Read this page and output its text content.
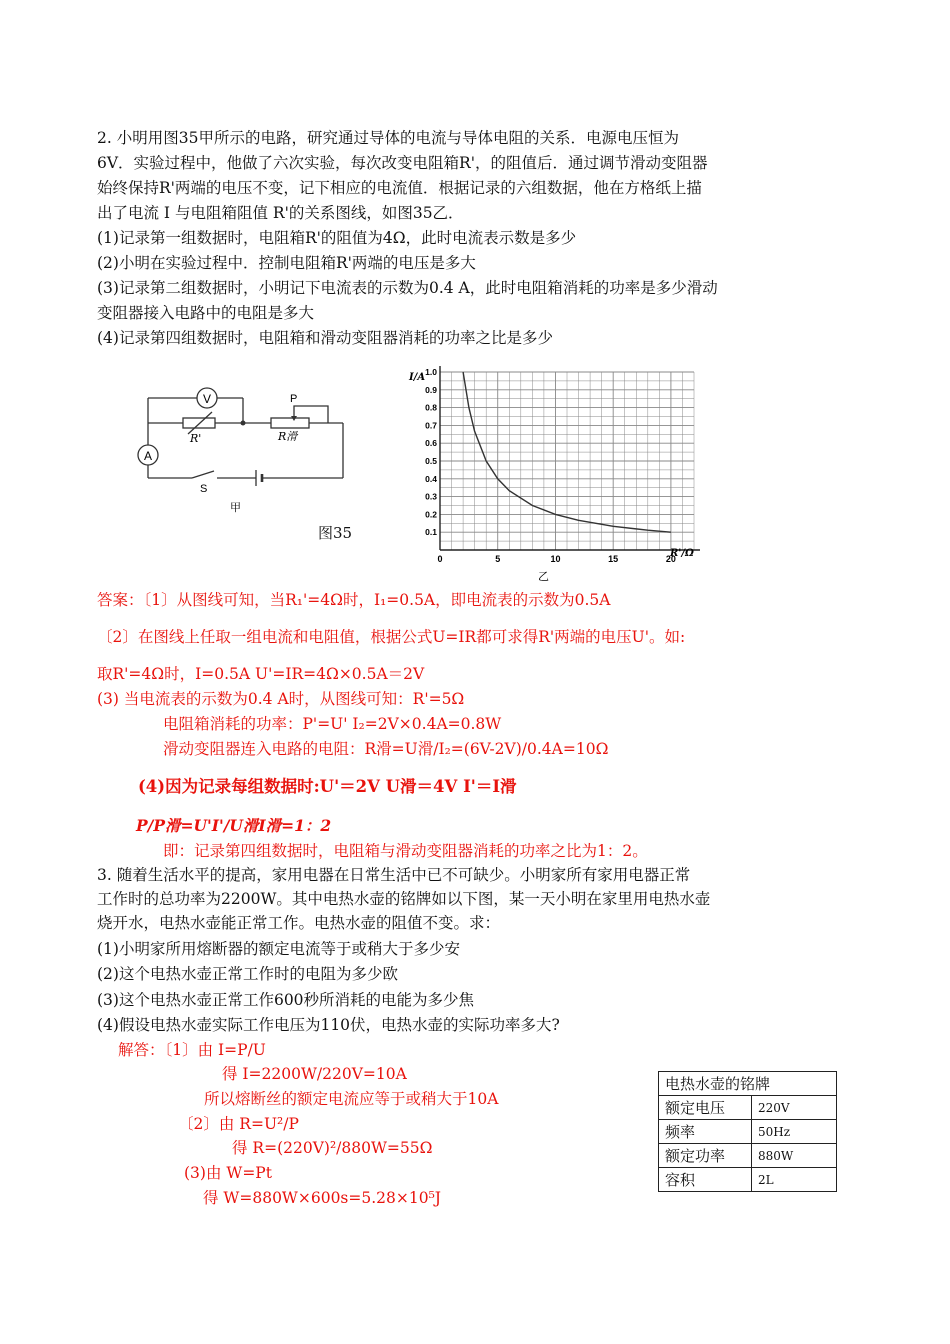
2. 小明用图35甲所示的电路，研究通过导体的电流与导体电阻的关系．电源电压恒为
6V．实验过程中，他做了六次实验，每次改变电阻箱R'，的阻值后．通过调节滑动变阻器
始终保持R'两端的电压不变，记下相应的电流值．根据记录的六组数据，他在方格纸上描
出了电流 I 与电阻箱阻值 R'的关系图线，如图35乙．
(1)记录第一组数据时，电阻箱R'的阻值为4Ω，此时电流表示数是多少
(2)小明在实验过程中．控制电阻箱R'两端的电压是多大
(3)记录第二组数据时，小明记下电流表的示数为0.4 A，此时电阻箱消耗的功率是多少滑动
变阻器接入电路中的电阻是多大
(4)记录第四组数据时，电阻箱和滑动变阻器消耗的功率之比是多少
V
A
P
R'	R滑
S
甲
图35
0	5	10	15	20
0.1
0.2
0.3
0.4
0.5
0.6
0.7
0.8
0.9
1.0
I/A
R'/Ω
乙
答案：〔1〕从图线可知，当R₁'=4Ω时，I₁=0.5A，即电流表的示数为0.5A
〔2〕在图线上任取一组电流和电阻值，根据公式U=IR都可求得R'两端的电压U'。如:
取R'=4Ω时，I=0.5A U'=IR=4Ω×0.5A＝2V
(3) 当电流表的示数为0.4 A时，从图线可知：R'=5Ω
电阻箱消耗的功率：P'=U' I₂=2V×0.4A=0.8W
滑动变阻器连入电路的电阻：R滑=U滑/I₂=(6V-2V)/0.4A=10Ω
(4)因为记录每组数据时:U'＝2V U滑＝4V I'＝I滑
P/P滑=U'I'/U滑I滑=1：2
即：记录第四组数据时，电阻箱与滑动变阻器消耗的功率之比为1：2。
3. 随着生活水平的提高，家用电器在日常生活中已不可缺少。小明家所有家用电器正常
工作时的总功率为2200W。其中电热水壶的铭牌如以下图，某一天小明在家里用电热水壶
烧开水，电热水壶能正常工作。电热水壶的阻值不变。求：
(1)小明家所用熔断器的额定电流等于或稍大于多少安
(2)这个电热水壶正常工作时的电阻为多少欧
(3)这个电热水壶正常工作600秒所消耗的电能为多少焦
(4)假设电热水壶实际工作电压为110伏，电热水壶的实际功率多大?
解答：〔1〕由 I=P/U
得 I=2200W/220V=10A
所以熔断丝的额定电流应等于或稍大于10A
〔2〕由 R=U²/P
得 R=(220V)²/880W=55Ω
(3)由 W=Pt
得 W=880W×600s=5.28×10⁵J
电热水壶的铭牌	
额定电压	220V
频率	50Hz
额定功率	880W
容积	2L
